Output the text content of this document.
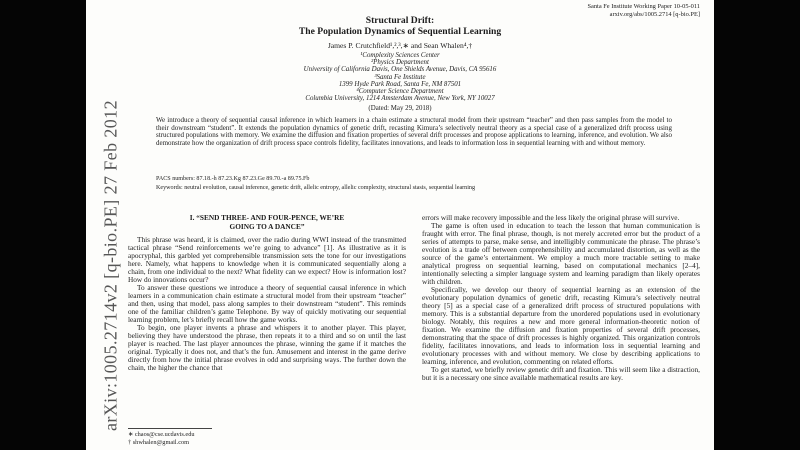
arXiv:1005.2714v2 [q-bio.PE] 27 Feb 2012
Santa Fe Institute Working Paper 10-05-011
arxiv.org/abs/1005.2714 [q-bio.PE]
Structural Drift:
The Population Dynamics of Sequential Learning
James P. Crutchfield¹,²,³,∗ and Sean Whalen⁴,†
¹Complexity Sciences Center
²Physics Department
University of California Davis, One Shields Avenue, Davis, CA 95616
³Santa Fe Institute
1399 Hyde Park Road, Santa Fe, NM 87501
⁴Computer Science Department
Columbia University, 1214 Amsterdam Avenue, New York, NY 10027
(Dated: May 29, 2018)
We introduce a theory of sequential causal inference in which learners in a chain estimate a structural model from their upstream “teacher” and then pass samples from the model to their downstream “student”. It extends the population dynamics of genetic drift, recasting Kimura’s selectively neutral theory as a special case of a generalized drift process using structured populations with memory. We examine the diffusion and fixation properties of several drift processes and propose applications to learning, inference, and evolution. We also demonstrate how the organization of drift process space controls fidelity, facilitates innovations, and leads to information loss in sequential learning with and without memory.
PACS numbers: 87.18.-h 87.23.Kg 87.23.Ge 89.70.-a 89.75.Fb
Keywords: neutral evolution, causal inference, genetic drift, allelic entropy, allelic complexity, structural stasis, sequential learning
I. “SEND THREE- AND FOUR-PENCE, WE’RE
GOING TO A DANCE”

This phrase was heard, it is claimed, over the radio during WWI instead of the transmitted tactical phrase “Send reinforcements we’re going to advance” [1]. As illustrative as it is apocryphal, this garbled yet comprehensible transmission sets the tone for our investigations here. Namely, what happens to knowledge when it is communicated sequentially along a chain, from one individual to the next? What fidelity can we expect? How is information lost? How do innovations occur?

To answer these questions we introduce a theory of sequential causal inference in which learners in a communication chain estimate a structural model from their upstream “teacher” and then, using that model, pass along samples to their downstream “student”. This reminds one of the familiar children’s game Telephone. By way of quickly motivating our sequential learning problem, let’s briefly recall how the game works.

To begin, one player invents a phrase and whispers it to another player. This player, believing they have understood the phrase, then repeats it to a third and so on until the last player is reached. The last player announces the phrase, winning the game if it matches the original. Typically it does not, and that’s the fun. Amusement and interest in the game derive directly from how the initial phrase evolves in odd and surprising ways. The further down the chain, the higher the chance that

∗ chaos@cse.ucdavis.edu
† shwhalen@gmail.com

errors will make recovery impossible and the less likely the original phrase will survive.

The game is often used in education to teach the lesson that human communication is fraught with error. The final phrase, though, is not merely accreted error but the product of a series of attempts to parse, make sense, and intelligibly communicate the phrase. The phrase’s evolution is a trade off between comprehensibility and accumulated distortion, as well as the source of the game’s entertainment. We employ a much more tractable setting to make analytical progress on sequential learning, based on computational mechanics [2–4], intentionally selecting a simpler language system and learning paradigm than likely operates with children.

Specifically, we develop our theory of sequential learning as an extension of the evolutionary population dynamics of genetic drift, recasting Kimura’s selectively neutral theory [5] as a special case of a generalized drift process of structured populations with memory. This is a substantial departure from the unordered populations used in evolutionary biology. Notably, this requires a new and more general information-theoretic notion of fixation. We examine the diffusion and fixation properties of several drift processes, demonstrating that the space of drift processes is highly organized. This organization controls fidelity, facilitates innovations, and leads to information loss in sequential learning and evolutionary processes with and without memory. We close by describing applications to learning, inference, and evolution, commenting on related efforts.

To get started, we briefly review genetic drift and fixation. This will seem like a distraction, but it is a necessary one since available mathematical results are key.
